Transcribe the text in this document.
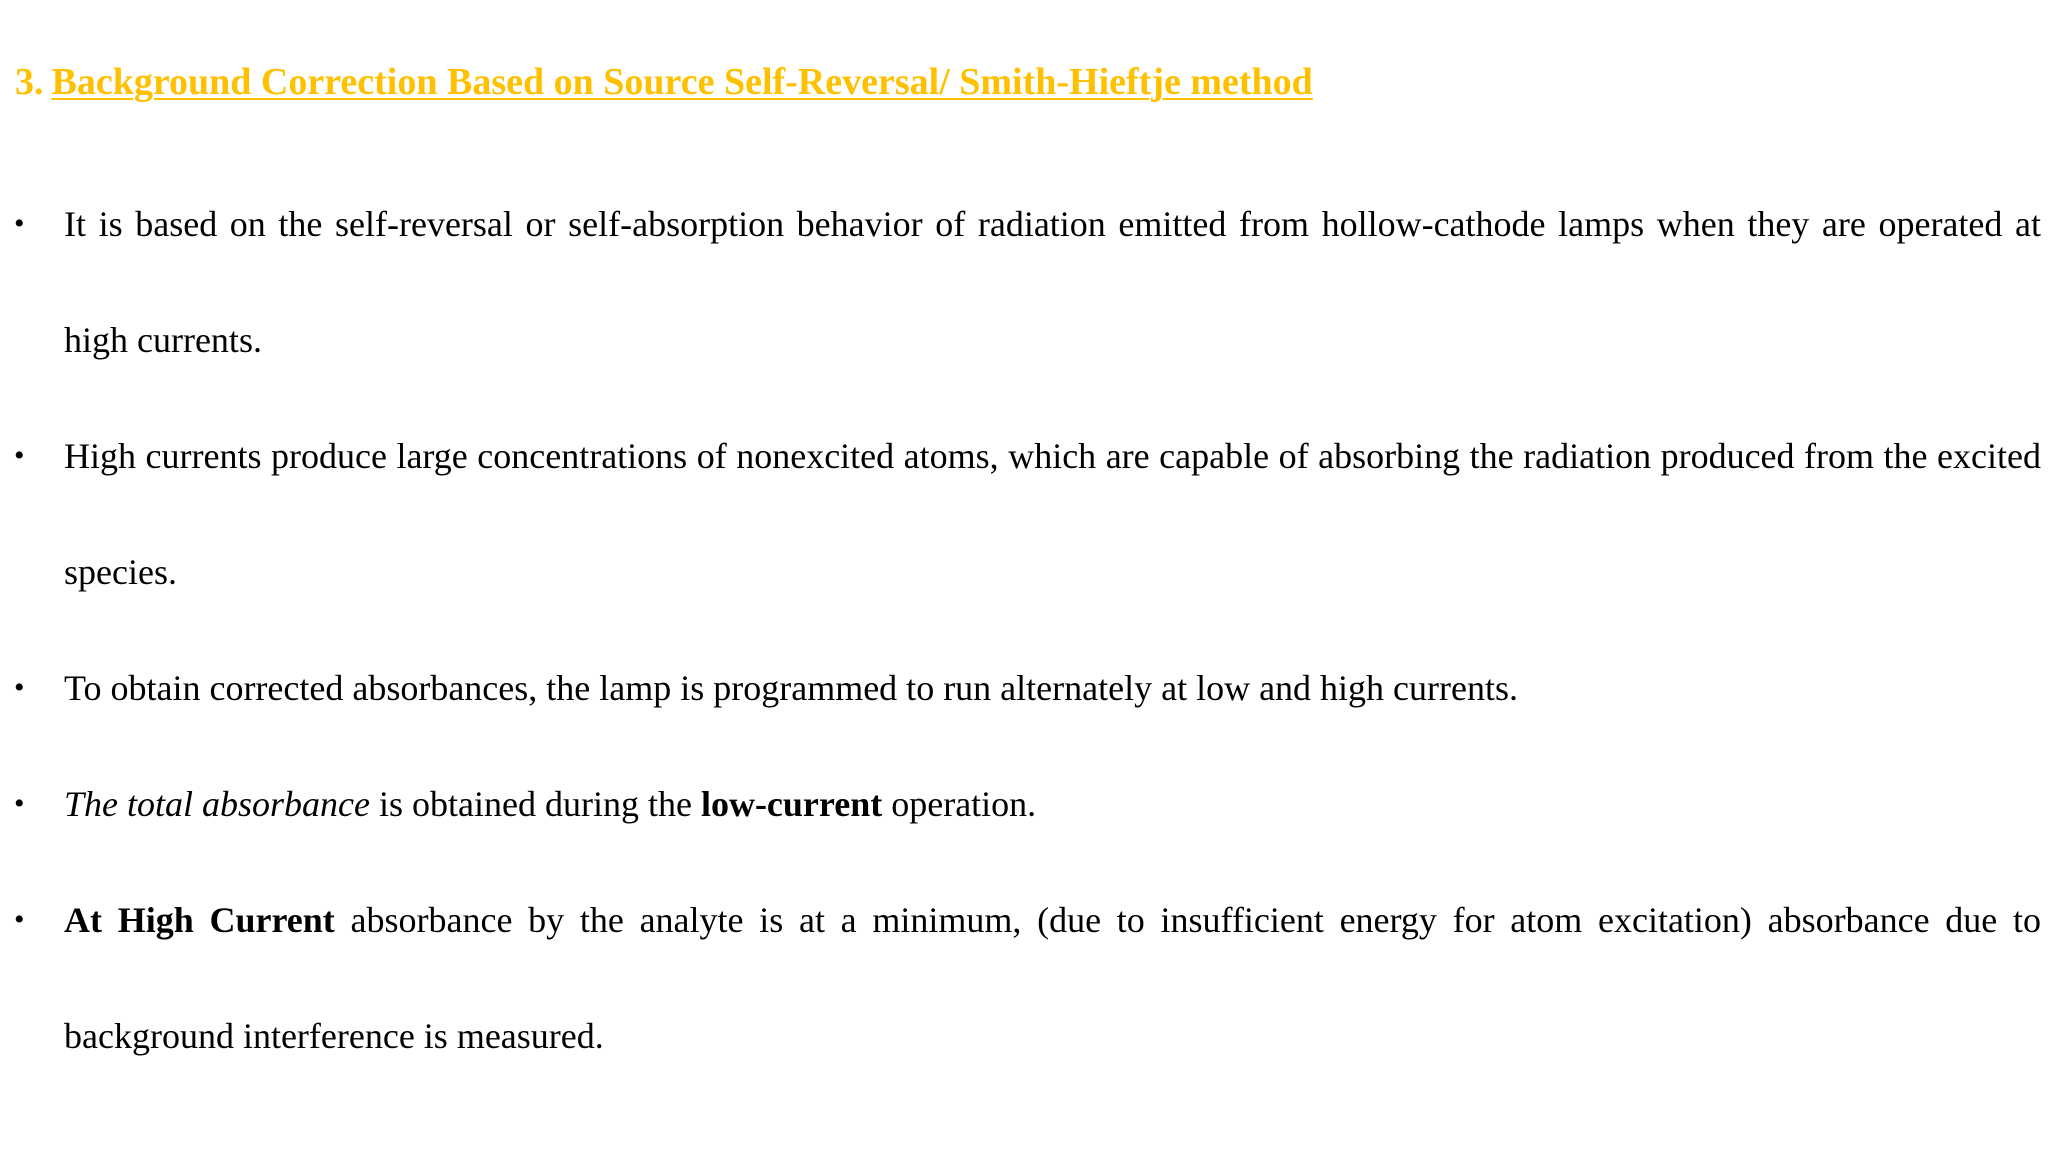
3. Background Correction Based on Source Self-Reversal/ Smith-Hieftje method
• It is based on the self-reversal or self-absorption behavior of radiation emitted from hollow-cathode lamps when they are operated at high currents.
• High currents produce large concentrations of nonexcited atoms, which are capable of absorbing the radiation produced from the excited species.
• To obtain corrected absorbances, the lamp is programmed to run alternately at low and high currents.
• The total absorbance is obtained during the low-current operation.
• At High Current absorbance by the analyte is at a minimum, (due to insufficient energy for atom excitation) absorbance due to background interference is measured.
